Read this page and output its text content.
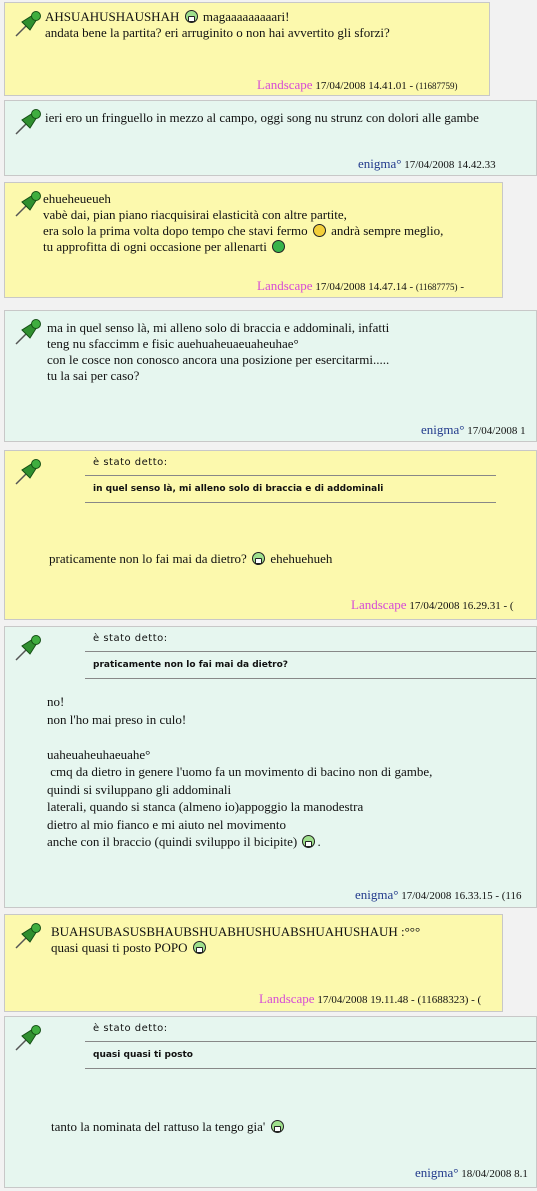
AHSUAHUSHAUSHAH  magaaaaaaaaari!
andata bene la partita? eri arruginito o non hai avvertito gli sforzi?
Landscape 17/04/2008 14.41.01 - (11687759)
ieri ero un fringuello in mezzo al campo, oggi song nu strunz con dolori alle gambe
enigma° 17/04/2008 14.42.33
ehueheueueh
vabè dai, pian piano riacquisirai elasticità con altre partite,
era solo la prima volta dopo tempo che stavi fermo  andrà sempre meglio,
tu approfitta di ogni occasione per allenarti
Landscape 17/04/2008 14.47.14 - (11687775) -
ma in quel senso là, mi alleno solo di braccia e addominali, infatti
teng nu sfaccimm e fisic auehuaheuaeuaheuhae°
con le cosce non conosco ancora una posizione per esercitarmi.....
tu la sai per caso?
enigma° 17/04/2008 1
è stato detto:
in quel senso là, mi alleno solo di braccia e di addominali
praticamente non lo fai mai da dietro?  ehehuehueh
Landscape 17/04/2008 16.29.31 - (
è stato detto:
praticamente non lo fai mai da dietro?
no!
non l'ho mai preso in culo!

uaheuaheuhaeuahe°
cmq da dietro in genere l'uomo fa un movimento di bacino non di gambe,
quindi si sviluppano gli addominali
laterali, quando si stanca (almeno io)appoggio la manodestra
dietro al mio fianco e mi aiuto nel movimento
anche con il braccio (quindi sviluppo il bicipite) .
enigma° 17/04/2008 16.33.15 - (116
BUAHSUBASUSBHAUBSHUABHUSHUABSHUAHUSHAUH :°°°
quasi quasi ti posto POPO
Landscape 17/04/2008 19.11.48 - (11688323) - (
è stato detto:
quasi quasi ti posto
tanto la nominata del rattuso la tengo gia'
enigma° 18/04/2008 8.1
